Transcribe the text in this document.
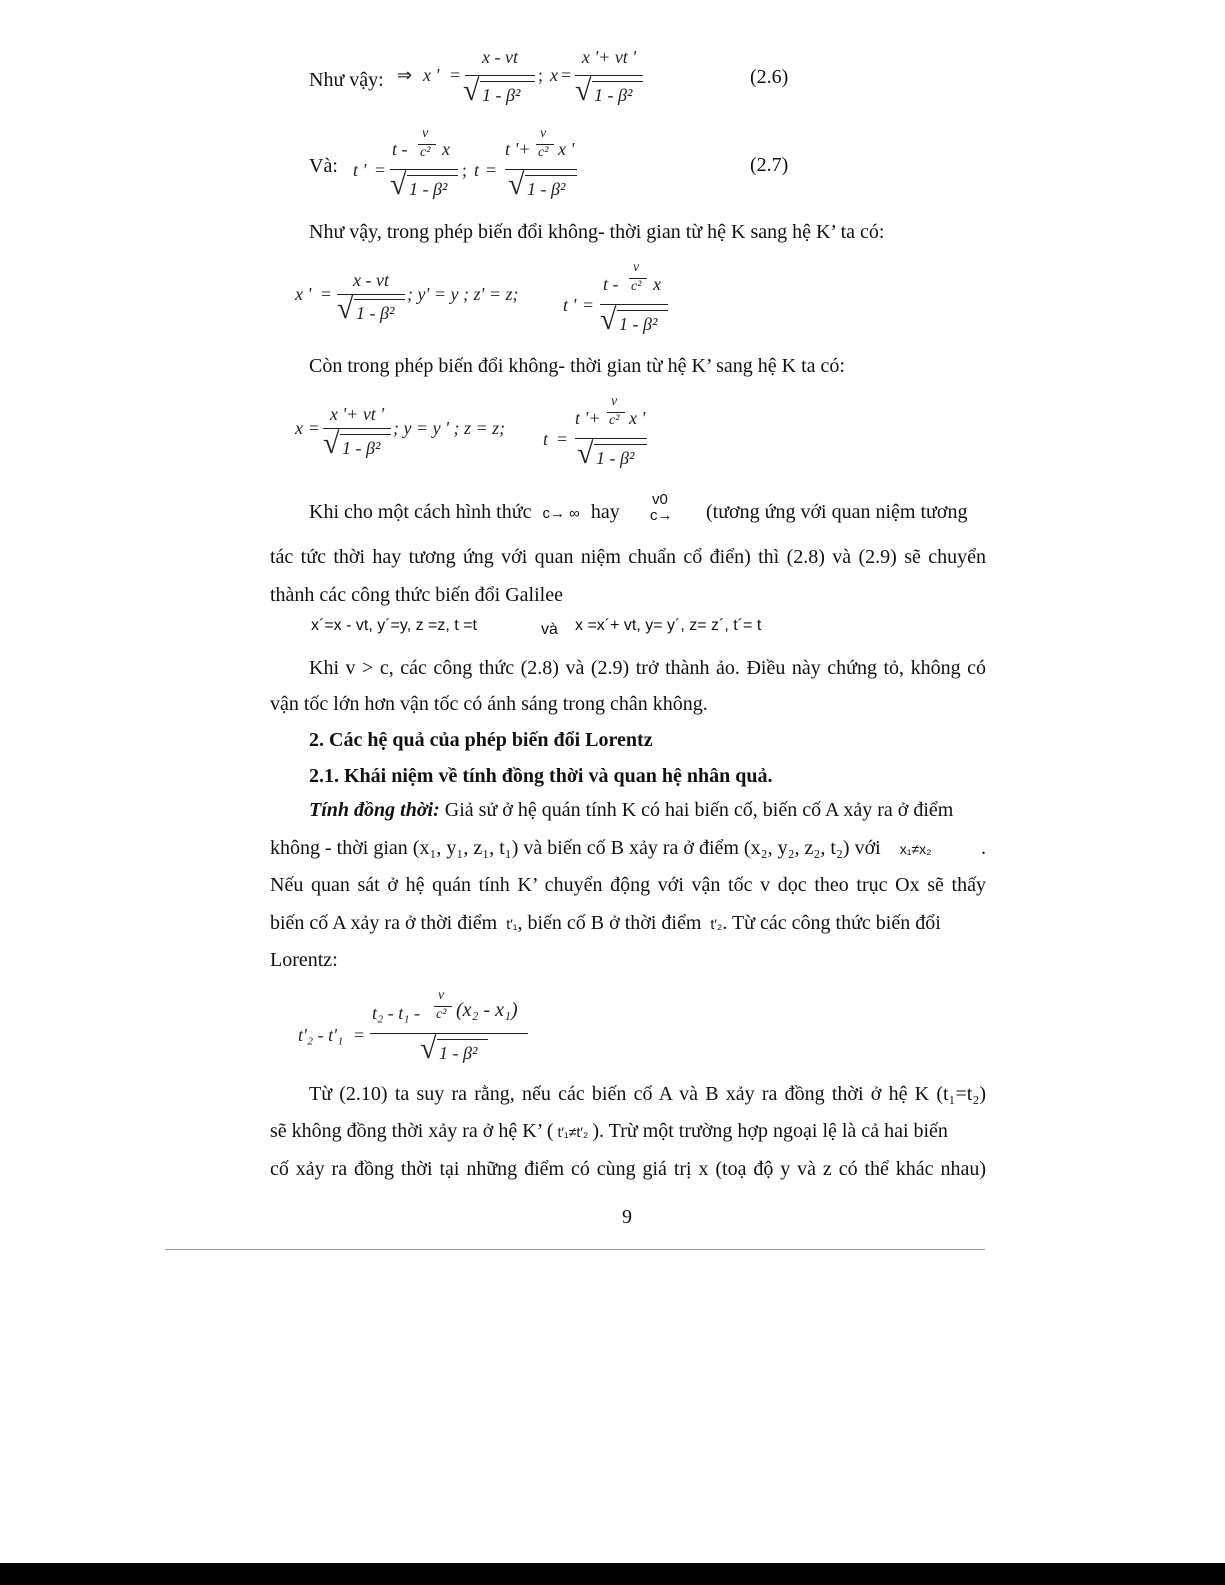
Như vậy: ⇒ x ' =
x - vt
√ 1 - β²
; x =
x '+ vt '
√ 1 - β²
(2.6)
Và: t ' =
t -
v
c² x
√ 1 - β²
; t =
t '+
v
c² x '
√ 1 - β²
(2.7)
Như vậy, trong phép biến đổi không- thời gian từ hệ K sang hệ K’ ta có:
x ' =
x - vt
√ 1 - β²
; y' = y ; z' = z;
t ' =
t -
v
c² x
√ 1 - β²
Còn trong phép biến đổi không- thời gian từ hệ K’ sang hệ K ta có:
x =
x '+ vt '
√ 1 - β²
; y = y ' ; z = z;
t =
t '+
v
c² x '
√ 1 - β²
Khi cho một cách hình thức c→ ∞ hay
v0
c→ (tương ứng với quan niệm tương
tác tức thời hay tương ứng với quan niệm chuẩn cổ điển) thì (2.8) và (2.9) sẽ chuyển
thành các công thức biến đổi Galilee
x´=x - vt, y´=y, z =z, t =t	và x =x´+ vt, y= y´, z= z´, t´= t
Khi v > c, các công thức (2.8) và (2.9) trở thành ảo. Điều này chứng tỏ, không có
vận tốc lớn hơn vận tốc có ánh sáng trong chân không.
2. Các hệ quả của phép biến đổi Lorentz
2.1. Khái niệm về tính đồng thời và quan hệ nhân quả.
Tính đồng thời: Giả sử ở hệ quán tính K có hai biến cố, biến cố A xảy ra ở điểm
không - thời gian (x₁, y₁, z₁, t₁) và biến cố B xảy ra ở điểm (x₂, y₂, z₂, t₂) với x₁≠x₂ .
Nếu quan sát ở hệ quán tính K’ chuyển động với vận tốc v dọc theo trục Ox sẽ thấy
biến cố A xảy ra ở thời điểm t′₁, biến cố B ở thời điểm t′₂. Từ các công thức biến đổi
Lorentz:
t'₂ - t'₁ =
t₂ - t₁ -
v
c² (x₂ - x₁)
√ 1 - β²
Từ (2.10) ta suy ra rằng, nếu các biến cố A và B xảy ra đồng thời ở hệ K (t₁=t₂)
sẽ không đồng thời xảy ra ở hệ K’ ( t′₁≠t′₂ ). Trừ một trường hợp ngoại lệ là cả hai biến
cố xảy ra đồng thời tại những điểm có cùng giá trị x (toạ độ y và z có thể khác nhau)
9
